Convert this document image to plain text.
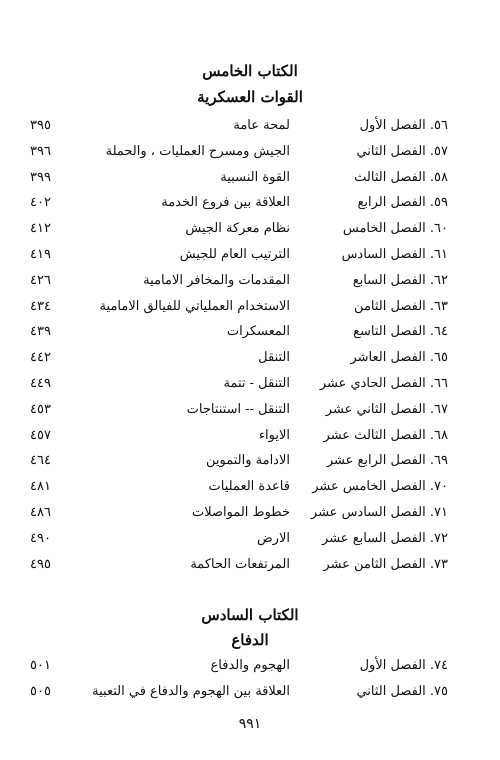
الكتاب الخامس
القوات العسكرية
٥٦. الفصل الأول
لمحة عامة
٣٩٥
٥٧. الفصل الثاني
الجيش ومسرح العمليات ، والحملة
٣٩٦
٥٨. الفصل الثالث
القوة النسبية
٣٩٩
٥٩. الفصل الرابع
العلاقة بين فروع الخدمة
٤٠٢
٦٠. الفصل الخامس
نظام معركة الجيش
٤١٢
٦١. الفصل السادس
الترتيب العام للجيش
٤١٩
٦٢. الفصل السابع
المقدمات والمخافر الامامية
٤٢٦
٦٣. الفصل الثامن
الاستخدام العملياتي للفيالق الامامية
٤٣٤
٦٤. الفصل التاسع
المعسكرات
٤٣٩
٦٥. الفصل العاشر
التنقل
٤٤٢
٦٦. الفصل الحادي عشر
التنقل - تتمة
٤٤٩
٦٧. الفصل الثاني عشر
التنقل -- استنتاجات
٤٥٣
٦٨. الفصل الثالث عشر
الايواء
٤٥٧
٦٩. الفصل الرابع عشر
الادامة والتموين
٤٦٤
٧٠. الفصل الخامس عشر
قاعدة العمليات
٤٨١
٧١. الفصل السادس عشر
خطوط المواصلات
٤٨٦
٧٢. الفصل السابع عشر
الارض
٤٩٠
٧٣. الفصل الثامن عشر
المرتفعات الحاكمة
٤٩٥
الكتاب السادس
الدفاع
٧٤. الفصل الأول
الهجوم والدفاع
٥٠١
٧٥. الفصل الثاني
العلاقة بين الهجوم والدفاع في التعبية
٥٠٥
٩٩١
